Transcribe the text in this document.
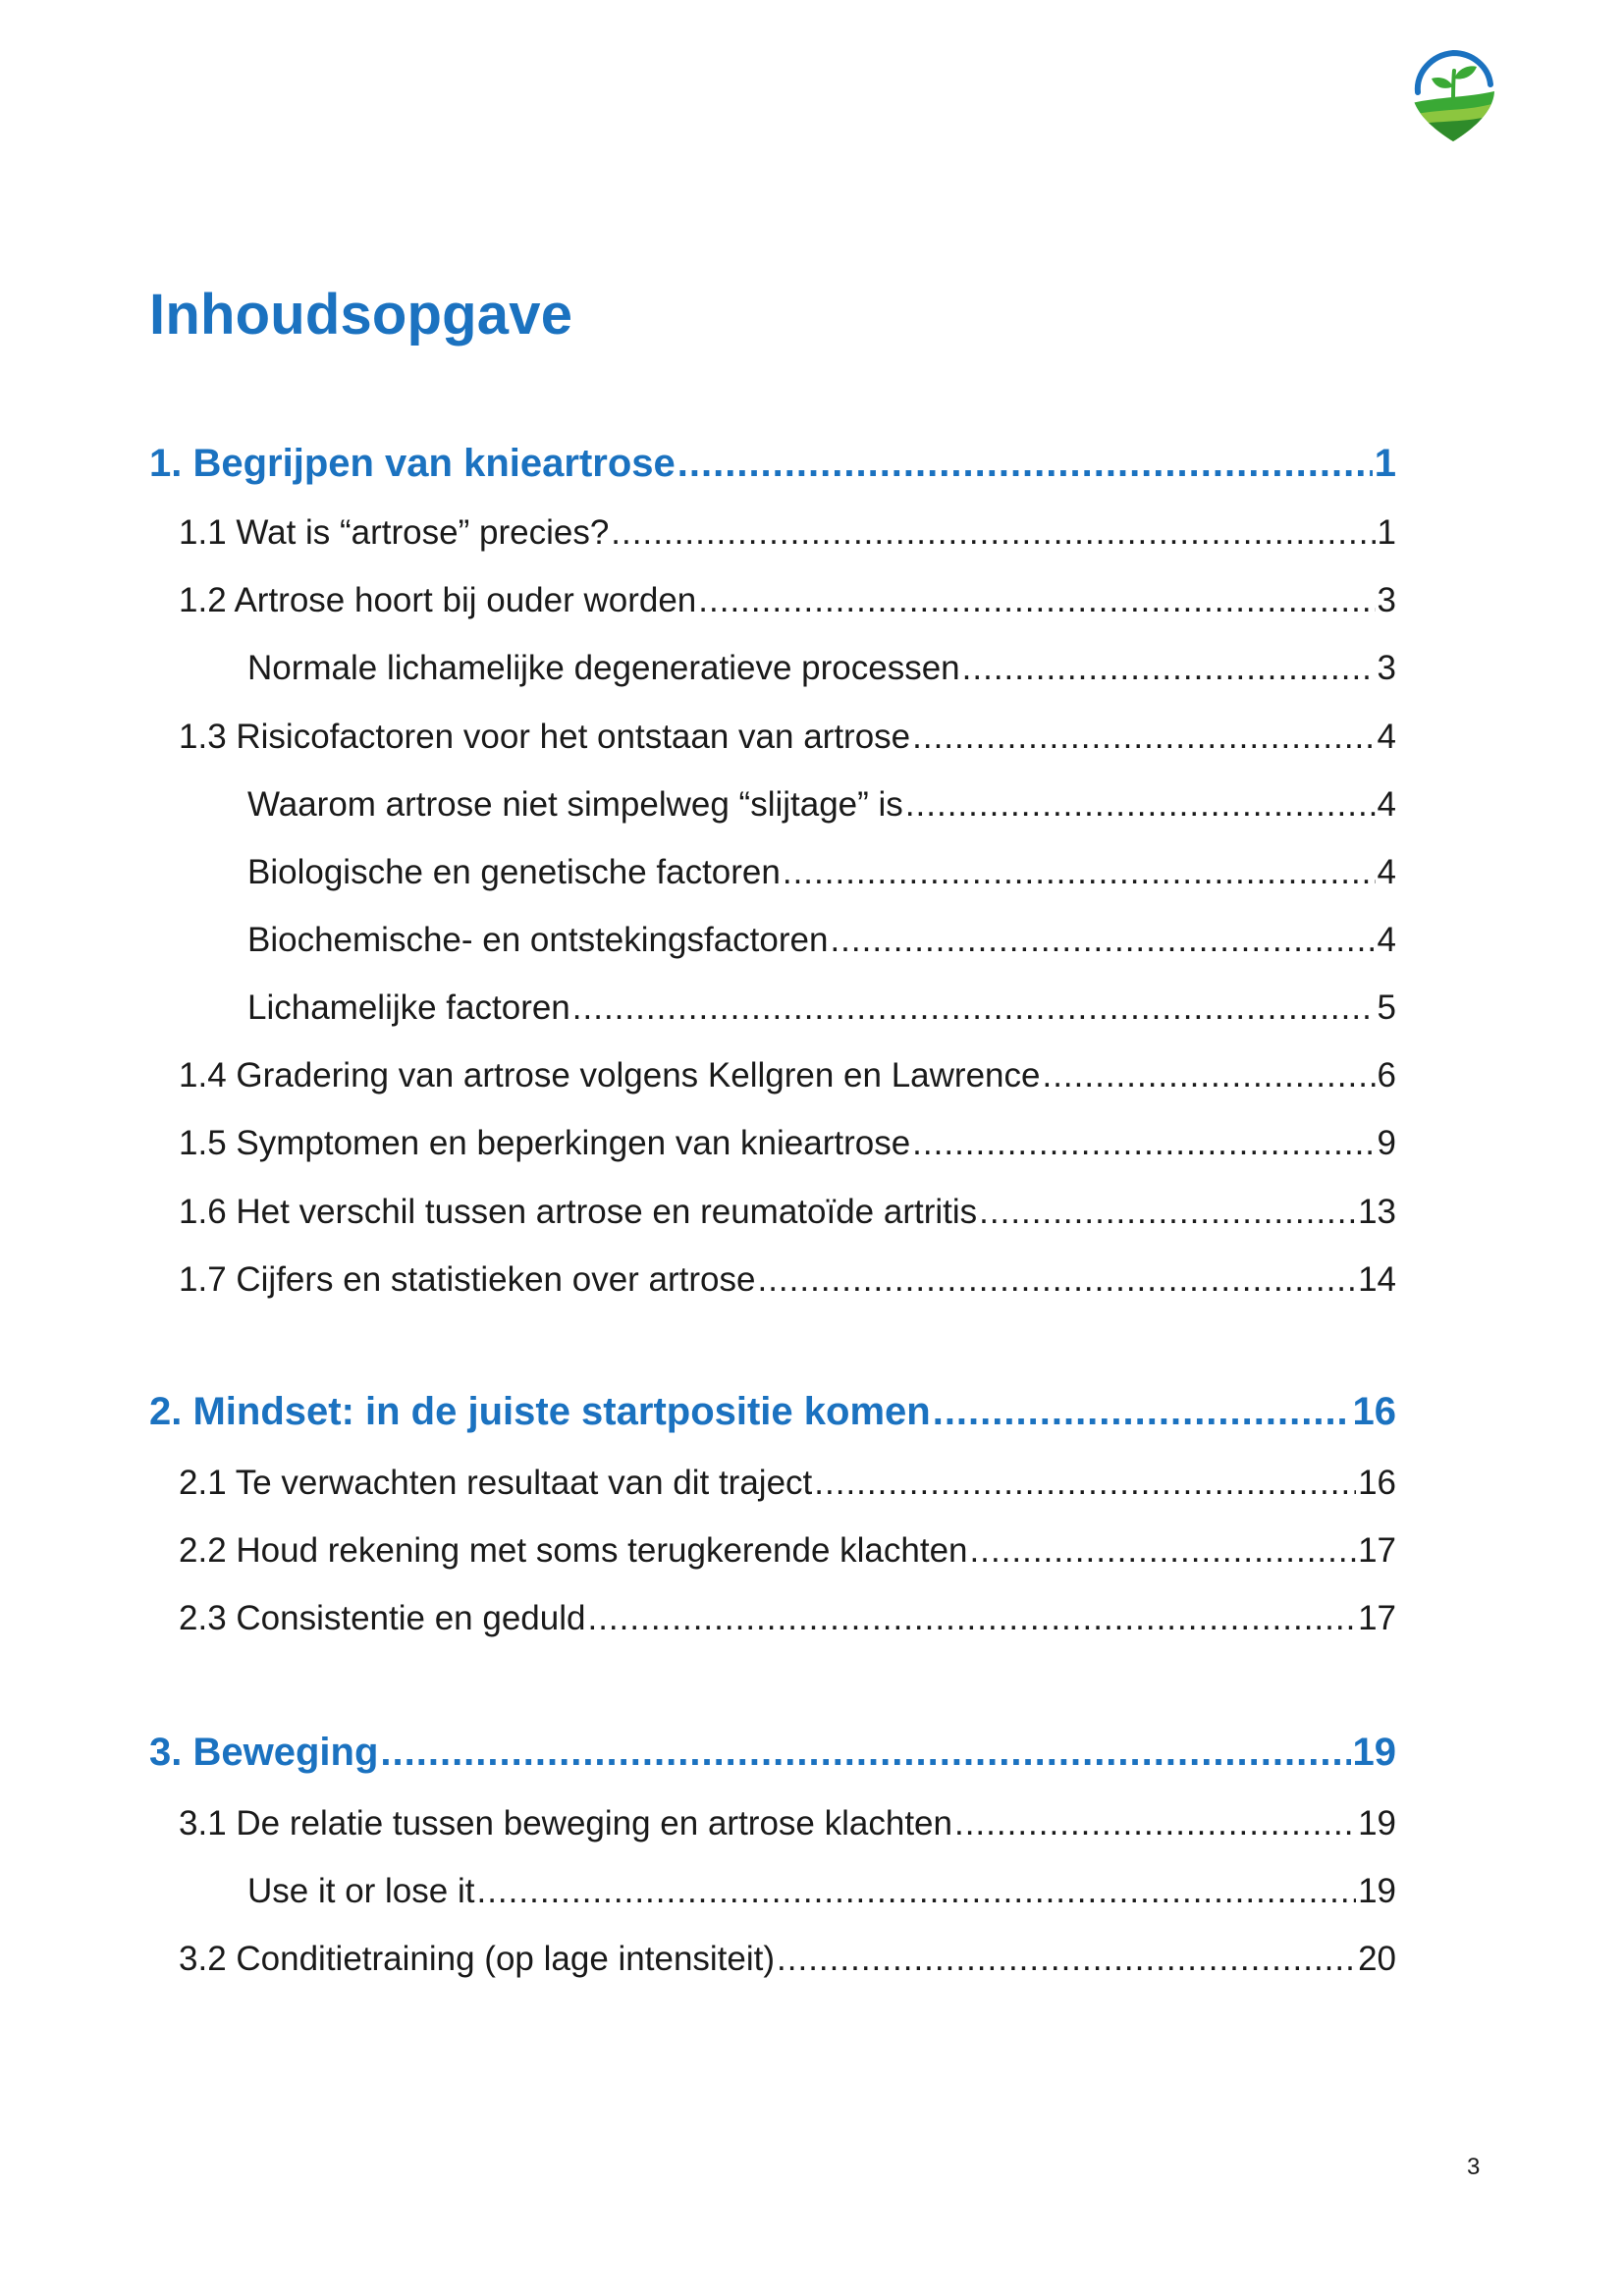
Inhoudsopgave
1. Begrijpen van knieartrose .....	1
1.1 Wat is “artrose” precies? .....	1
1.2 Artrose hoort bij ouder worden .....	3
Normale lichamelijke degeneratieve processen .....	3
1.3 Risicofactoren voor het ontstaan van artrose .....	4
Waarom artrose niet simpelweg “slijtage” is .....	4
Biologische en genetische factoren .....	4
Biochemische- en ontstekingsfactoren .....	4
Lichamelijke factoren .....	5
1.4 Gradering van artrose volgens Kellgren en Lawrence .....	6
1.5 Symptomen en beperkingen van knieartrose .....	9
1.6 Het verschil tussen artrose en reumatoïde artritis .....	13
1.7 Cijfers en statistieken over artrose .....	14
2. Mindset: in de juiste startpositie komen .....	16
2.1 Te verwachten resultaat van dit traject .....	16
2.2 Houd rekening met soms terugkerende klachten .....	17
2.3 Consistentie en geduld .....	17
3. Beweging .....	19
3.1 De relatie tussen beweging en artrose klachten .....	19
Use it or lose it .....	19
3.2 Conditietraining (op lage intensiteit) .....	20
3
